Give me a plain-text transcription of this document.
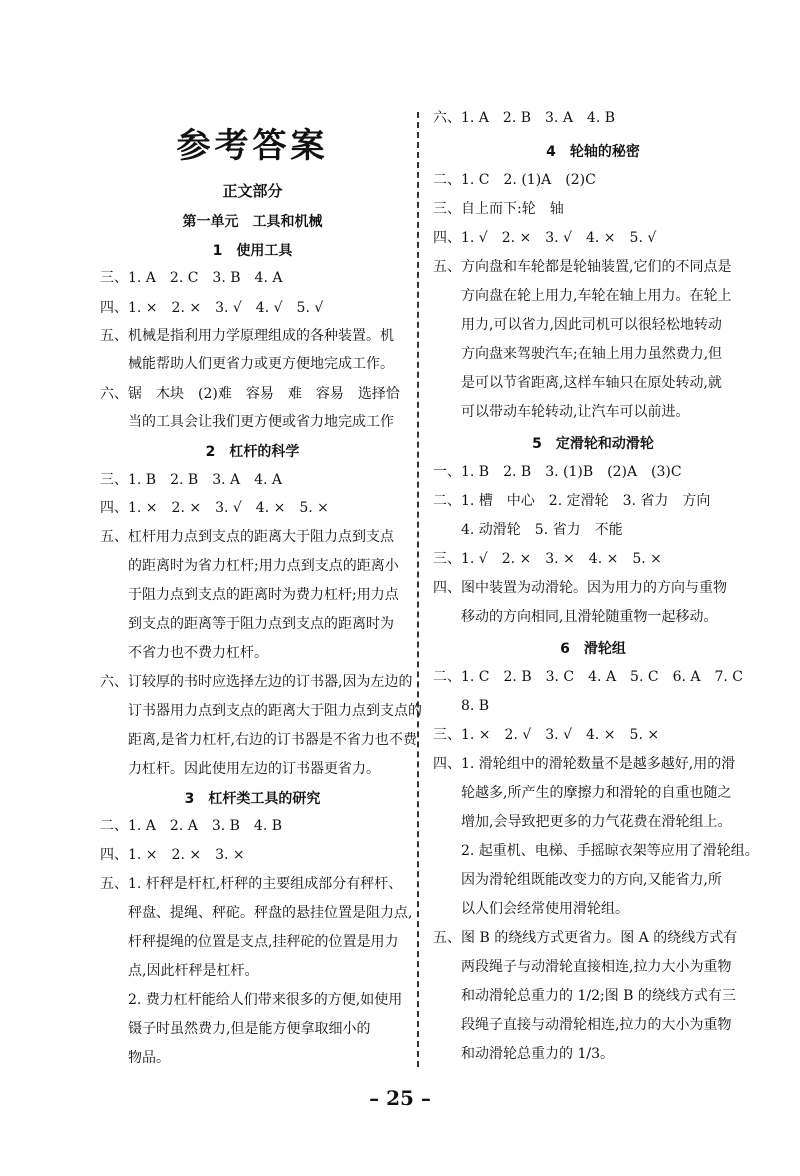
参考答案
正文部分
第一单元　工具和机械
1　使用工具
三、1. A　2. C　3. B　4. A
四、1. ×　2. ×　3. √　4. √　5. √
五、机械是指利用力学原理组成的各种装置。机
械能帮助人们更省力或更方便地完成工作。
六、锯　木块　(2)难　容易　难　容易　选择恰
当的工具会让我们更方便或省力地完成工作
2　杠杆的科学
三、1. B　2. B　3. A　4. A
四、1. ×　2. ×　3. √　4. ×　5. ×
五、杠杆用力点到支点的距离大于阻力点到支点
的距离时为省力杠杆;用力点到支点的距离小
于阻力点到支点的距离时为费力杠杆;用力点
到支点的距离等于阻力点到支点的距离时为
不省力也不费力杠杆。
六、订较厚的书时应选择左边的订书器,因为左边的
订书器用力点到支点的距离大于阻力点到支点的
距离,是省力杠杆,右边的订书器是不省力也不费
力杠杆。因此使用左边的订书器更省力。
3　杠杆类工具的研究
二、1. A　2. A　3. B　4. B
四、1. ×　2. ×　3. ×
五、1. 杆秤是杆杠,杆秤的主要组成部分有秤杆、
秤盘、提绳、秤砣。秤盘的悬挂位置是阻力点,
杆秤提绳的位置是支点,挂秤砣的位置是用力
点,因此杆秤是杠杆。
2. 费力杠杆能给人们带来很多的方便,如使用
镊子时虽然费力,但是能方便拿取细小的
物品。
六、1. A　2. B　3. A　4. B
4　轮轴的秘密
二、1. C　2. (1)A　(2)C
三、自上而下:轮　轴
四、1. √　2. ×　3. √　4. ×　5. √
五、方向盘和车轮都是轮轴装置,它们的不同点是
方向盘在轮上用力,车轮在轴上用力。在轮上
用力,可以省力,因此司机可以很轻松地转动
方向盘来驾驶汽车;在轴上用力虽然费力,但
是可以节省距离,这样车轴只在原处转动,就
可以带动车轮转动,让汽车可以前进。
5　定滑轮和动滑轮
一、1. B　2. B　3. (1)B　(2)A　(3)C
二、1. 槽　中心　2. 定滑轮　3. 省力　方向
4. 动滑轮　5. 省力　不能
三、1. √　2. ×　3. ×　4. ×　5. ×
四、图中装置为动滑轮。因为用力的方向与重物
移动的方向相同,且滑轮随重物一起移动。
6　滑轮组
二、1. C　2. B　3. C　4. A　5. C　6. A　7. C
8. B
三、1. ×　2. √　3. √　4. ×　5. ×
四、1. 滑轮组中的滑轮数量不是越多越好,用的滑
轮越多,所产生的摩擦力和滑轮的自重也随之
增加,会导致把更多的力气花费在滑轮组上。
2. 起重机、电梯、手摇晾衣架等应用了滑轮组。
因为滑轮组既能改变力的方向,又能省力,所
以人们会经常使用滑轮组。
五、图 B 的绕线方式更省力。图 A 的绕线方式有
两段绳子与动滑轮直接相连,拉力大小为重物
和动滑轮总重力的 1/2;图 B 的绕线方式有三
段绳子直接与动滑轮相连,拉力的大小为重物
和动滑轮总重力的 1/3。
– 25 –
